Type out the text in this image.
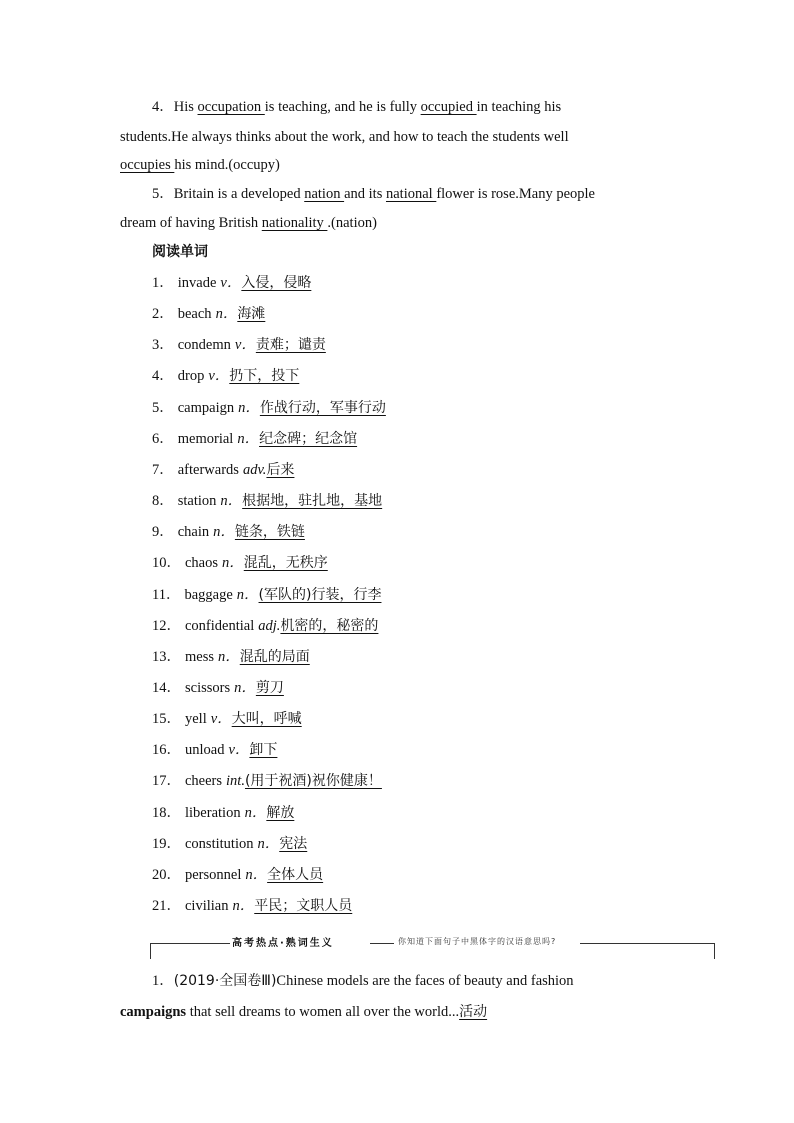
4．His occupation is teaching, and he is fully occupied in teaching his
students.He always thinks about the work, and how to teach the students well
occupies his mind.(occupy)
5．Britain is a developed nation and its national flower is rose.Many people
dream of having British nationality .(nation)
阅读单词
1． invade v．入侵，侵略
2． beach n．海滩
3． condemn v．责难；谴责
4． drop v．扔下，投下
5． campaign n．作战行动，军事行动
6． memorial n．纪念碑；纪念馆
7． afterwards adv.后来
8． station n．根据地，驻扎地，基地
9． chain n．链条，铁链
10． chaos n．混乱，无秩序
11． baggage n．(军队的)行装，行李
12． confidential adj.机密的，秘密的
13． mess n．混乱的局面
14． scissors n．剪刀
15． yell v．大叫，呼喊
16． unload v．卸下
17． cheers int.(用于祝酒)祝你健康！
18． liberation n．解放
19． constitution n．宪法
20． personnel n．全体人员
21． civilian n．平民；文职人员
高考热点·熟词生义	你知道下面句子中黑体字的汉语意思吗?
1．(2019·全国卷Ⅲ)Chinese models are the faces of beauty and fashion
campaigns that sell dreams to women all over the world...活动
